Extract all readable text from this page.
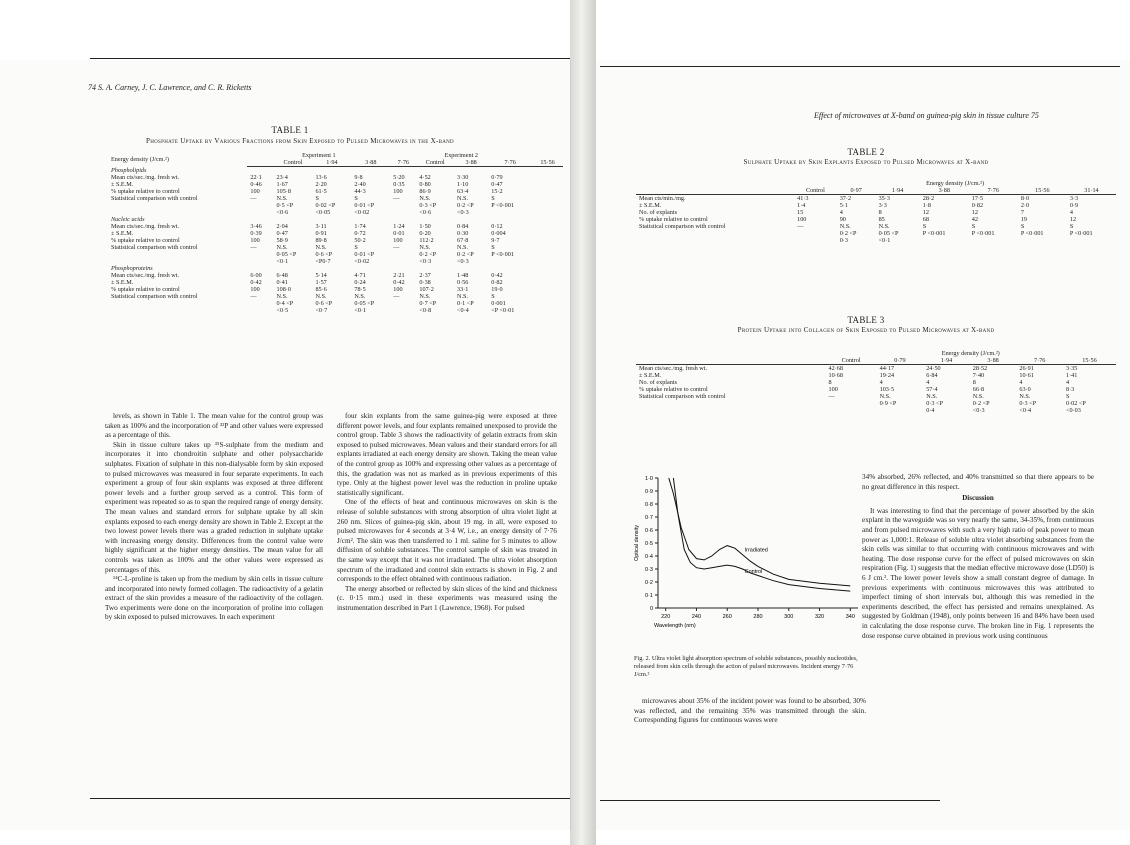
74 S. A. Carney, J. C. Lawrence, and C. R. Ricketts
TABLE 1
Phosphate Uptake by Various Fractions from Skin Exposed to Pulsed Microwaves in the X-band
Energy density (J/cm.²)	Experiment 1				Experiment 2				
		Control	1·94	3·88	7·76	Control	3·88	7·76	15·56
Phospholipids									
Mean cts/sec./mg. fresh wt.	22·1	23·4	13·6	9·8	5·20	4·52	3·30	0·79	
± S.E.M.	0·46	1·67	2·20	2·40	0·35	0·80	1·10	0·47	
% uptake relative to control	100	105·8	61·5	44·3	100	86·9	63·4	15·2	
Statistical comparison with control	—	N.S.	S	S	—	N.S.	N.S.	S	
		0·5 <P	0·02 <P	0·01 <P		0·3 <P	0·2 <P	P <0·001	
		<0·6	<0·05	<0·02		<0·6	<0·3		
Nucleic acids									
Mean cts/sec./mg. fresh wt.	3·46	2·04	3·11	1·74	1·24	1·50	0·84	0·12	
± S.E.M.	0·39	0·47	0·91	0·72	0·01	0·20	0·30	0·004	
% uptake relative to control	100	58·9	89·8	50·2	100	112·2	67·8	9·7	
Statistical comparison with control	—	N.S.	N.S.	S	—	N.S.	N.S.	S	
		0·05 <P	0·6 <P	0·01 <P		0·2 <P	0·2 <P	P <0·001	
		<0·1	<P0·7	<0·02		<0·3	<0·3		
Phosphoproteins									
Mean cts/sec./mg. fresh wt.	6·00	6·48	5·14	4·71	2·21	2·37	1·48	0·42	
± S.E.M.	0·42	0·41	1·57	0·24	0·42	0·38	0·56	0·82	
% uptake relative to control	100	108·0	85·6	78·5	100	107·2	33·1	19·0	
Statistical comparison with control	—	N.S.	N.S.	N.S.	—	N.S.	N.S.	S	
		0·4 <P	0·6 <P	0·05 <P		0·7 <P	0·1 <P	0·001	
		<0·5	<0·7	<0·1		<0·8	<0·4	<P <0·01	

levels, as shown in Table 1. The mean value for the control group was taken as 100% and the incorporation of ³²P and other values were expressed as a percentage of this.

Skin in tissue culture takes up ³⁵S-sulphate from the medium and incorporates it into chondroitin sulphate and other polysaccharide sulphates. Fixation of sulphate in this non-dialysable form by skin exposed to pulsed microwaves was measured in four separate experiments. In each experiment a group of four skin explants was exposed at three different power levels and a further group served as a control. This form of experiment was repeated so as to span the required range of energy density. The mean values and standard errors for sulphate uptake by all skin explants exposed to each energy density are shown in Table 2. Except at the two lowest power levels there was a graded reduction in sulphate uptake with increasing energy density. Differences from the control value were highly significant at the higher energy densities. The mean value for all controls was taken as 100% and the other values were expressed as percentages of this.

¹⁴C-L-proline is taken up from the medium by skin cells in tissue culture and incorporated into newly formed collagen. The radioactivity of a gelatin extract of the skin provides a measure of the radioactivity of the collagen. Two experiments were done on the incorporation of proline into collagen by skin exposed to pulsed microwaves. In each experiment

four skin explants from the same guinea-pig were exposed at three different power levels, and four explants remained unexposed to provide the control group. Table 3 shows the radioactivity of gelatin extracts from skin exposed to pulsed microwaves. Mean values and their standard errors for all explants irradiated at each energy density are shown. Taking the mean value of the control group as 100% and expressing other values as a percentage of this, the gradation was not as marked as in previous experiments of this type. Only at the highest power level was the reduction in proline uptake statistically significant.

One of the effects of heat and continuous microwaves on skin is the release of soluble substances with strong absorption of ultra violet light at 260 nm. Slices of guinea-pig skin, about 19 mg. in all, were exposed to pulsed microwaves for 4 seconds at 3·4 W, i.e., an energy density of 7·76 J/cm². The skin was then transferred to 1 ml. saline for 5 minutes to allow diffusion of soluble substances. The control sample of skin was treated in the same way except that it was not irradiated. The ultra violet absorption spectrum of the irradiated and control skin extracts is shown in Fig. 2 and corresponds to the effect obtained with continuous radiation.

The energy absorbed or reflected by skin slices of the kind and thickness (c. 0·15 mm.) used in these experiments was measured using the instrumentation described in Part 1 (Lawrence, 1968). For pulsed

Effect of microwaves at X-band on guinea-pig skin in tissue culture 75
TABLE 2
Sulphate Uptake by Skin Explants Exposed to Pulsed Microwaves at X-band
	Energy density (J/cm.²)						
	Control	0·97	1·94	3·88	7·76	15·56	31·14
Mean cts/min./mg.	41·3	37·2	35·3	28·2	17·5	8·0	3·3
± S.E.M.	1·4	5·1	3·3	1·8	0·82	2·0	0·9
No. of explants	15	4	8	12	12	7	4
% uptake relative to control	100	90	85	68	42	19	12
Statistical comparison with control	—	N.S.	N.S.	S	S	S	S
		0·2 <P	0·05 <P	P <0·001	P <0·001	P <0·001	P <0·001
		0·3	<0·1				
TABLE 3
Protein Uptake into Collagen of Skin Exposed to Pulsed Microwaves at X-band
	Energy density (J/cm.²)					
	Control	0·79	1·94	3·88	7·76	15·56
Mean cts/sec./mg. fresh wt.	42·68	44·17	24·50	28·52	26·91	3·35
± S.E.M.	10·68	19·24	6·84	7·40	10·61	1·41
No. of explants	8	4	4	8	4	4
% uptake relative to control	100	103·5	57·4	66·8	63·0	8·3
Statistical comparison with control	—	N.S.	N.S.	N.S.	N.S.	S
		0·9 <P	0·3 <P	0·2 <P	0·3 <P	0·02 <P
			0·4	<0·3	<0·4	<0·03
0
0·1
0·2
0·3
0·4
0·5
0·6
0·7
0·8
0·9
1·0
220	240	260	280	300	320	340
Wavelength (nm)
Optical density	Irradiated
Control
Fig. 2. Ultra violet light absorption spectrum of soluble substances, possibly nucleotides, released from skin cells through the action of pulsed microwaves. Incident energy 7·76 J/cm.²

microwaves about 35% of the incident power was found to be absorbed, 30% was reflected, and the remaining 35% was transmitted through the skin. Corresponding figures for continuous waves were

34% absorbed, 26% reflected, and 40% transmitted so that there appears to be no great difference in this respect.

Discussion

It was interesting to find that the percentage of power absorbed by the skin explant in the waveguide was so very nearly the same, 34-35%, from continuous and from pulsed microwaves with such a very high ratio of peak power to mean power as 1,000:1. Release of soluble ultra violet absorbing substances from the skin cells was similar to that occurring with continuous microwaves and with heating. The dose response curve for the effect of pulsed microwaves on skin respiration (Fig. 1) suggests that the median effective microwave dose (LD50) is 6 J cm.². The lower power levels show a small constant degree of damage. In previous experiments with continuous microwaves this was attributed to imperfect timing of short intervals but, although this was remedied in the experiments described, the effect has persisted and remains unexplained. As suggested by Goldman (1948), only points between 16 and 84% have been used in calculating the dose response curve. The broken line in Fig. 1 represents the dose response curve obtained in previous work using continuous
